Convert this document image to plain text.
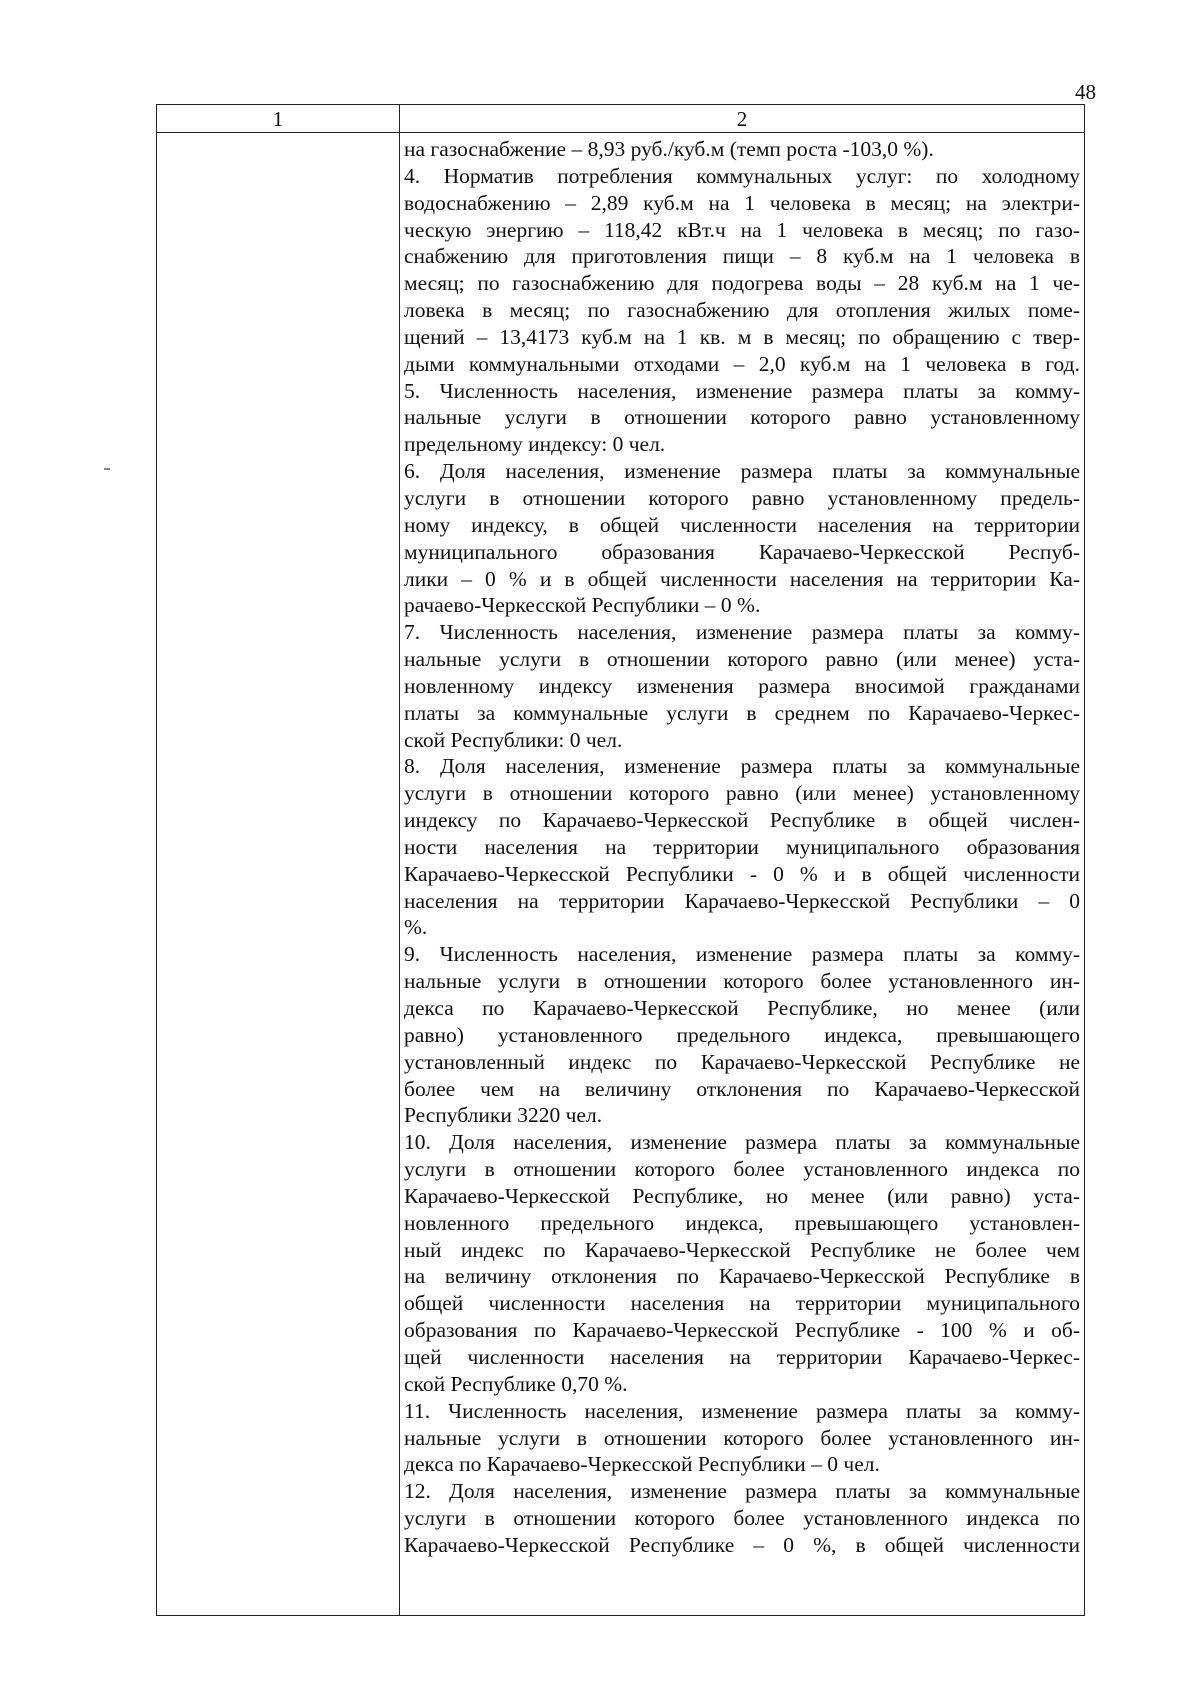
48
1	2
на газоснабжение – 8,93 руб./куб.м (темп роста -103,0 %).
4. Норматив потребления коммунальных услуг: по холодному
водоснабжению – 2,89 куб.м на 1 человека в месяц; на электри-
ческую энергию – 118,42 кВт.ч на 1 человека в месяц; по газо-
снабжению для приготовления пищи – 8 куб.м на 1 человека в
месяц; по газоснабжению для подогрева воды – 28 куб.м на 1 че-
ловека в месяц; по газоснабжению для отопления жилых поме-
щений – 13,4173 куб.м на 1 кв. м в месяц; по обращению с твер-
дыми коммунальными отходами – 2,0 куб.м на 1 человека в год.
5. Численность населения, изменение размера платы за комму-
нальные услуги в отношении которого равно установленному
предельному индексу: 0 чел.
6. Доля населения, изменение размера платы за коммунальные
услуги в отношении которого равно установленному предель-
ному индексу, в общей численности населения на территории
муниципального образования Карачаево-Черкесской Респуб-
лики – 0 % и в общей численности населения на территории Ка-
рачаево-Черкесской Республики – 0 %.
7. Численность населения, изменение размера платы за комму-
нальные услуги в отношении которого равно (или менее) уста-
новленному индексу изменения размера вносимой гражданами
платы за коммунальные услуги в среднем по Карачаево-Черкес-
ской Республики: 0 чел.
8. Доля населения, изменение размера платы за коммунальные
услуги в отношении которого равно (или менее) установленному
индексу по Карачаево-Черкесской Республике в общей числен-
ности населения на территории муниципального образования
Карачаево-Черкесской Республики - 0 % и в общей численности
населения на территории Карачаево-Черкесской Республики – 0
%.
9. Численность населения, изменение размера платы за комму-
нальные услуги в отношении которого более установленного ин-
декса по Карачаево-Черкесской Республике, но менее (или
равно) установленного предельного индекса, превышающего
установленный индекс по Карачаево-Черкесской Республике не
более чем на величину отклонения по Карачаево-Черкесской
Республики 3220 чел.
10. Доля населения, изменение размера платы за коммунальные
услуги в отношении которого более установленного индекса по
Карачаево-Черкесской Республике, но менее (или равно) уста-
новленного предельного индекса, превышающего установлен-
ный индекс по Карачаево-Черкесской Республике не более чем
на величину отклонения по Карачаево-Черкесской Республике в
общей численности населения на территории муниципального
образования по Карачаево-Черкесской Республике - 100 % и об-
щей численности населения на территории Карачаево-Черкес-
ской Республике 0,70 %.
11. Численность населения, изменение размера платы за комму-
нальные услуги в отношении которого более установленного ин-
декса по Карачаево-Черкесской Республики – 0 чел.
12. Доля населения, изменение размера платы за коммунальные
услуги в отношении которого более установленного индекса по
Карачаево-Черкесской Республике – 0 %, в общей численности
